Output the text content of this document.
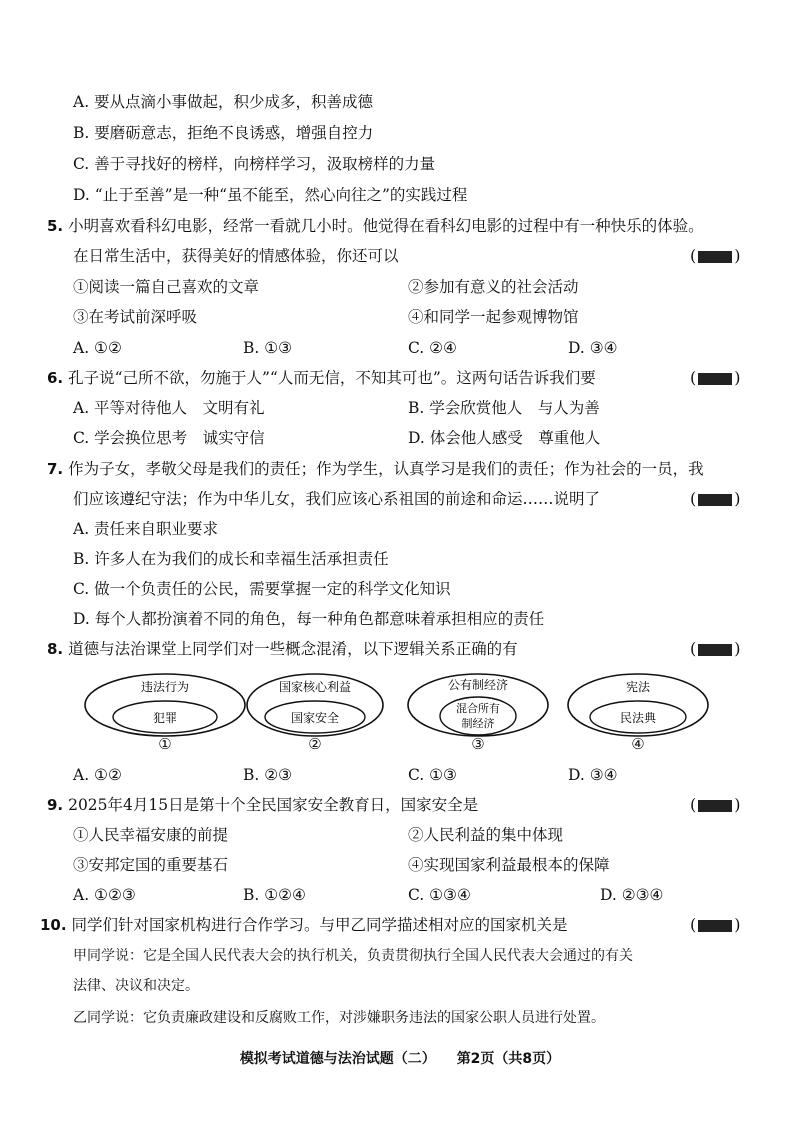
A. 要从点滴小事做起，积少成多，积善成德
B. 要磨砺意志，拒绝不良诱惑，增强自控力
C. 善于寻找好的榜样，向榜样学习，汲取榜样的力量
D. “止于至善”是一种“虽不能至，然心向往之”的实践过程
5. 小明喜欢看科幻电影，经常一看就几小时。他觉得在看科幻电影的过程中有一种快乐的体验。
在日常生活中，获得美好的情感体验，你还可以	( )
①阅读一篇自己喜欢的文章	②参加有意义的社会活动
③在考试前深呼吸	④和同学一起参观博物馆
A. ①②	B. ①③	C. ②④	D. ③④
6. 孔子说“己所不欲，勿施于人”“人而无信，不知其可也”。这两句话告诉我们要	( )
A. 平等对待他人　文明有礼	B. 学会欣赏他人　与人为善
C. 学会换位思考　诚实守信	D. 体会他人感受　尊重他人
7. 作为子女，孝敬父母是我们的责任；作为学生，认真学习是我们的责任；作为社会的一员，我
们应该遵纪守法；作为中华儿女，我们应该心系祖国的前途和命运……说明了	( )
A. 责任来自职业要求
B. 许多人在为我们的成长和幸福生活承担责任
C. 做一个负责任的公民，需要掌握一定的科学文化知识
D. 每个人都扮演着不同的角色，每一种角色都意味着承担相应的责任
8. 道德与法治课堂上同学们对一些概念混淆，以下逻辑关系正确的有	( )
违法行为
犯罪
国家核心利益
国家安全
公有制经济
混合所有
制经济
宪法
民法典
①	②	③	④
A. ①②	B. ②③	C. ①③	D. ③④
9. 2025年4月15日是第十个全民国家安全教育日，国家安全是	( )
①人民幸福安康的前提	②人民利益的集中体现
③安邦定国的重要基石	④实现国家利益最根本的保障
A. ①②③	B. ①②④	C. ①③④	D. ②③④
10. 同学们针对国家机构进行合作学习。与甲乙同学描述相对应的国家机关是	( )
甲同学说：它是全国人民代表大会的执行机关，负责贯彻执行全国人民代表大会通过的有关
法律、决议和决定。
乙同学说：它负责廉政建设和反腐败工作，对涉嫌职务违法的国家公职人员进行处置。
模拟考试道德与法治试题（二） 第2页（共8页）
